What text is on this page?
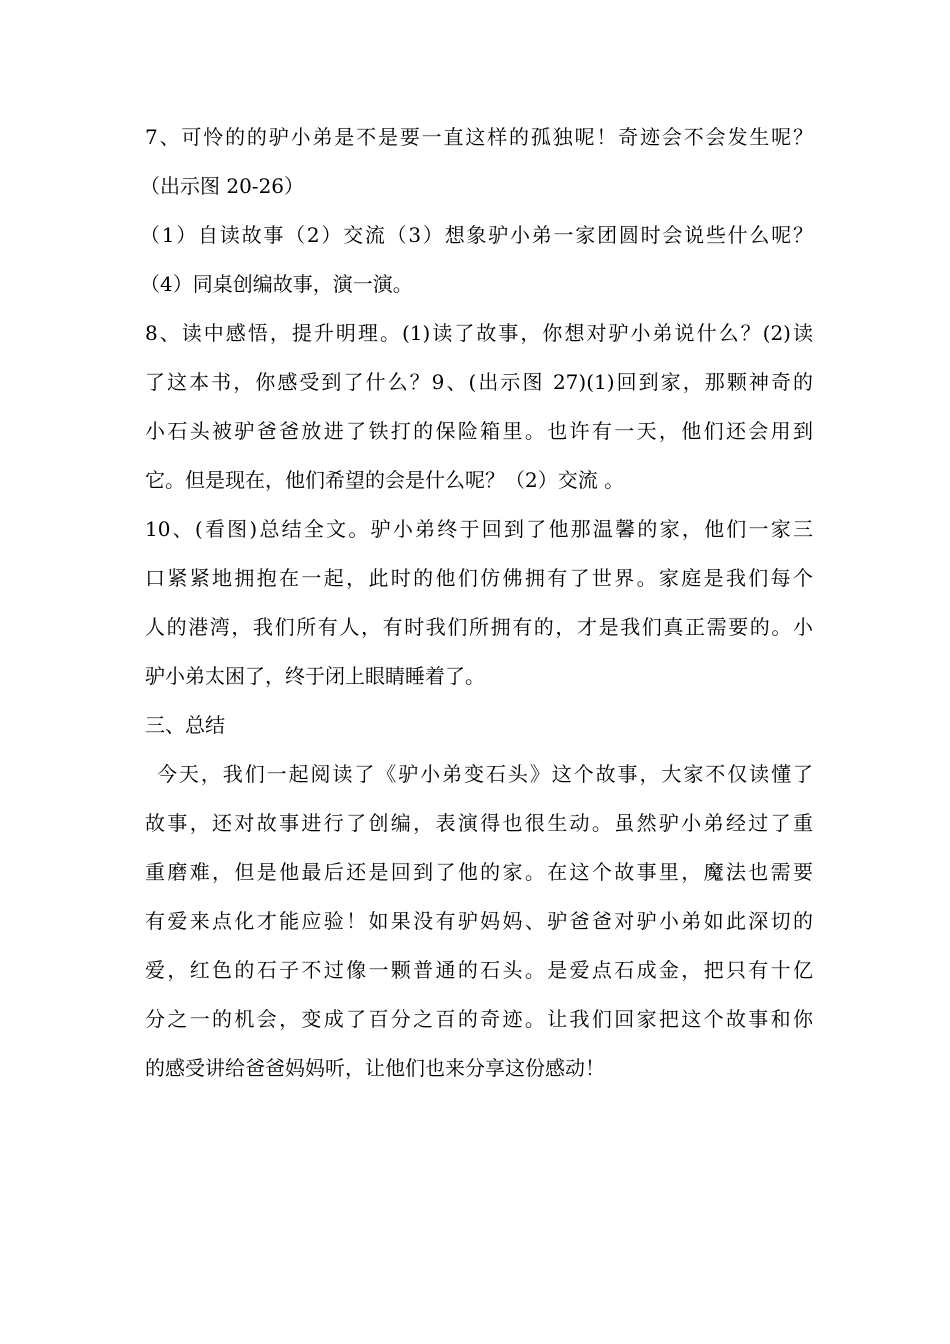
7、可怜的的驴小弟是不是要一直这样的孤独呢！奇迹会不会发生呢？
（出示图 20-26）
（1）自读故事（2）交流（3）想象驴小弟一家团圆时会说些什么呢？
（4）同桌创编故事，演一演。
8、读中感悟，提升明理。(1)读了故事，你想对驴小弟说什么？(2)读
了这本书，你感受到了什么？9、(出示图 27)(1)回到家，那颗神奇的
小石头被驴爸爸放进了铁打的保险箱里。也许有一天，他们还会用到
它。但是现在，他们希望的会是什么呢？（2）交流 。
10、(看图)总结全文。驴小弟终于回到了他那温馨的家，他们一家三
口紧紧地拥抱在一起，此时的他们仿佛拥有了世界。家庭是我们每个
人的港湾，我们所有人，有时我们所拥有的，才是我们真正需要的。小
驴小弟太困了，终于闭上眼睛睡着了。
三、总结
今天，我们一起阅读了《驴小弟变石头》这个故事，大家不仅读懂了
故事，还对故事进行了创编，表演得也很生动。虽然驴小弟经过了重
重磨难，但是他最后还是回到了他的家。在这个故事里，魔法也需要
有爱来点化才能应验！如果没有驴妈妈、驴爸爸对驴小弟如此深切的
爱，红色的石子不过像一颗普通的石头。是爱点石成金，把只有十亿
分之一的机会，变成了百分之百的奇迹。让我们回家把这个故事和你
的感受讲给爸爸妈妈听，让他们也来分享这份感动！
